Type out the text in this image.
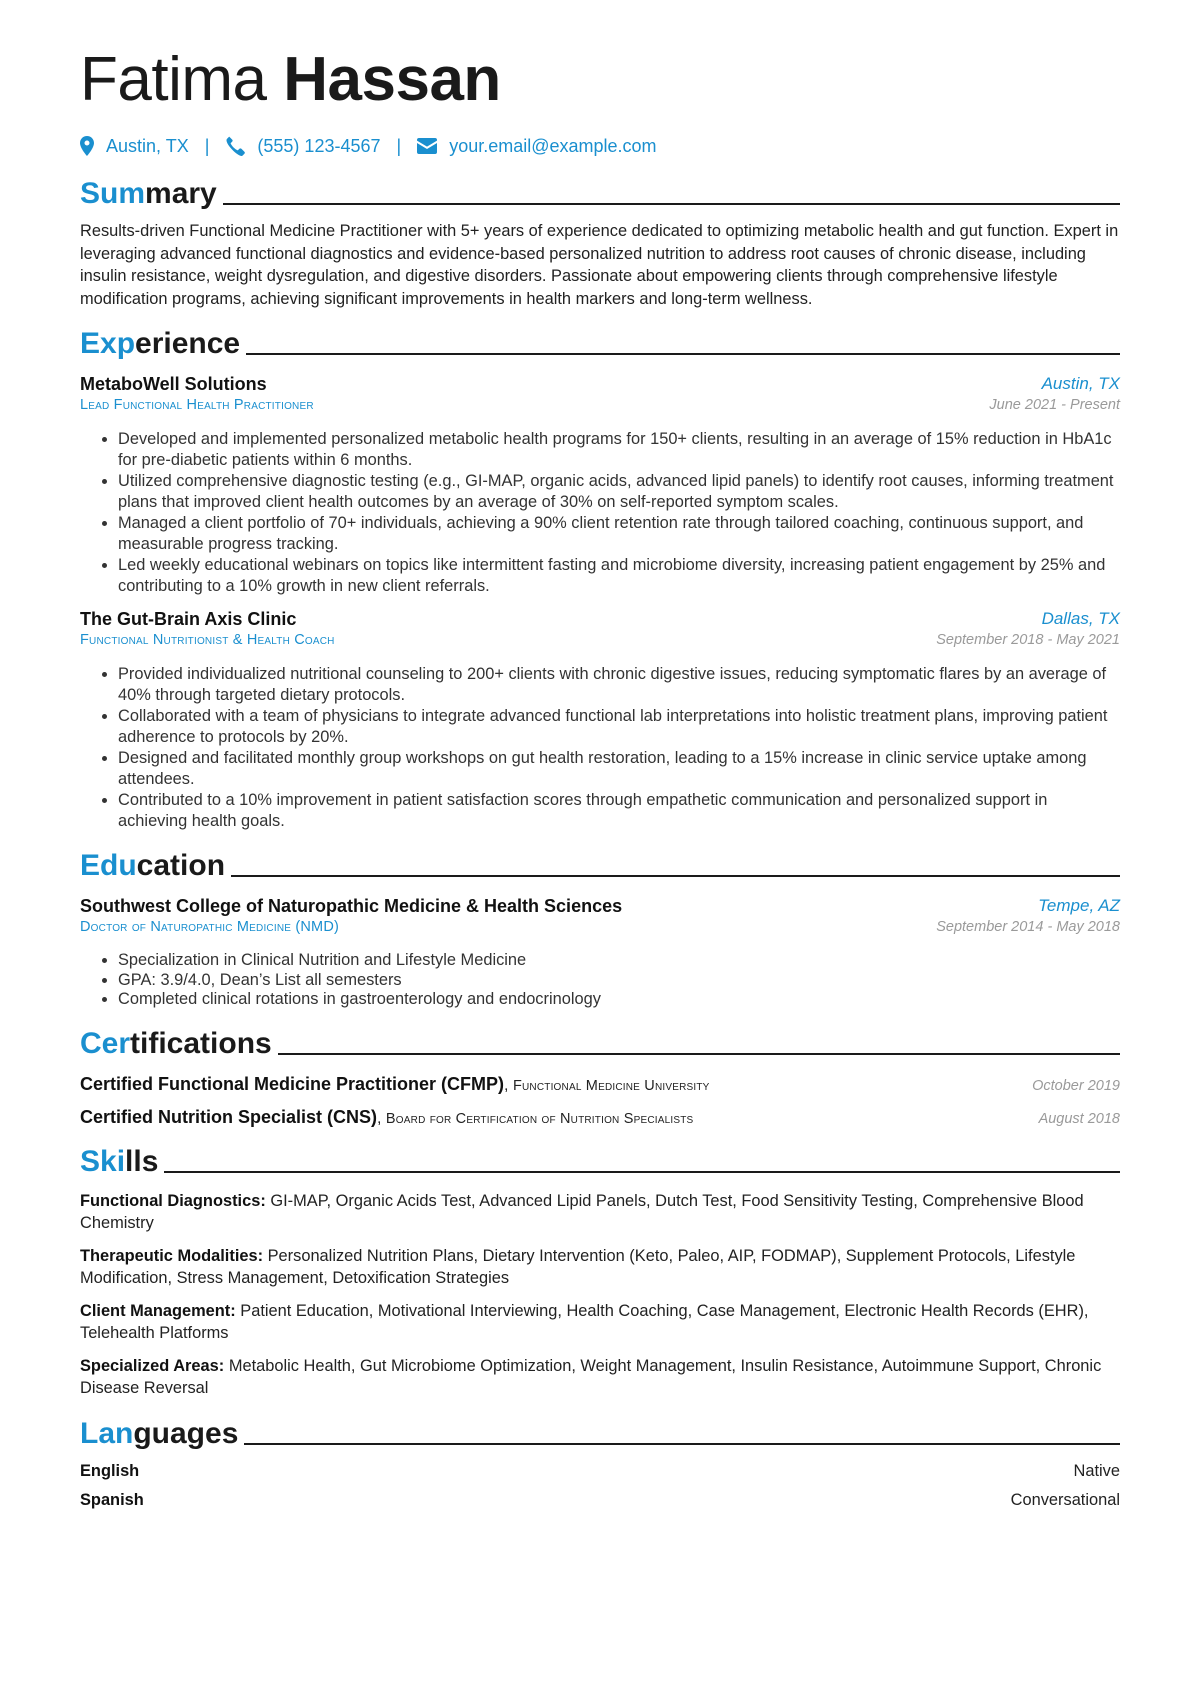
Fatima Hassan
Austin, TX |	(555) 123-4567 |	your.email@example.com
Summary
Results-driven Functional Medicine Practitioner with 5+ years of experience dedicated to optimizing metabolic health and gut function. Expert in leveraging advanced functional diagnostics and evidence-based personalized nutrition to address root causes of chronic disease, including insulin resistance, weight dysregulation, and digestive disorders. Passionate about empowering clients through comprehensive lifestyle modification programs, achieving significant improvements in health markers and long-term wellness.
Experience
MetaboWell Solutions	Austin, TX
Lead Functional Health Practitioner	June 2021 - Present
• Developed and implemented personalized metabolic health programs for 150+ clients, resulting in an average of 15% reduction in HbA1c for pre-diabetic patients within 6 months.
• Utilized comprehensive diagnostic testing (e.g., GI-MAP, organic acids, advanced lipid panels) to identify root causes, informing treatment plans that improved client health outcomes by an average of 30% on self-reported symptom scales.
• Managed a client portfolio of 70+ individuals, achieving a 90% client retention rate through tailored coaching, continuous support, and measurable progress tracking.
• Led weekly educational webinars on topics like intermittent fasting and microbiome diversity, increasing patient engagement by 25% and contributing to a 10% growth in new client referrals.
The Gut-Brain Axis Clinic	Dallas, TX
Functional Nutritionist & Health Coach	September 2018 - May 2021
• Provided individualized nutritional counseling to 200+ clients with chronic digestive issues, reducing symptomatic flares by an average of 40% through targeted dietary protocols.
• Collaborated with a team of physicians to integrate advanced functional lab interpretations into holistic treatment plans, improving patient adherence to protocols by 20%.
• Designed and facilitated monthly group workshops on gut health restoration, leading to a 15% increase in clinic service uptake among attendees.
• Contributed to a 10% improvement in patient satisfaction scores through empathetic communication and personalized support in achieving health goals.
Education
Southwest College of Naturopathic Medicine & Health Sciences	Tempe, AZ
Doctor of Naturopathic Medicine (NMD)	September 2014 - May 2018
• Specialization in Clinical Nutrition and Lifestyle Medicine
• GPA: 3.9/4.0, Dean’s List all semesters
• Completed clinical rotations in gastroenterology and endocrinology
Certifications
Certified Functional Medicine Practitioner (CFMP), Functional Medicine University	October 2019
Certified Nutrition Specialist (CNS), Board for Certification of Nutrition Specialists	August 2018
Skills
Functional Diagnostics: GI-MAP, Organic Acids Test, Advanced Lipid Panels, Dutch Test, Food Sensitivity Testing, Comprehensive Blood Chemistry
Therapeutic Modalities: Personalized Nutrition Plans, Dietary Intervention (Keto, Paleo, AIP, FODMAP), Supplement Protocols, Lifestyle Modification, Stress Management, Detoxification Strategies
Client Management: Patient Education, Motivational Interviewing, Health Coaching, Case Management, Electronic Health Records (EHR), Telehealth Platforms
Specialized Areas: Metabolic Health, Gut Microbiome Optimization, Weight Management, Insulin Resistance, Autoimmune Support, Chronic Disease Reversal
Languages
English	Native
Spanish	Conversational
